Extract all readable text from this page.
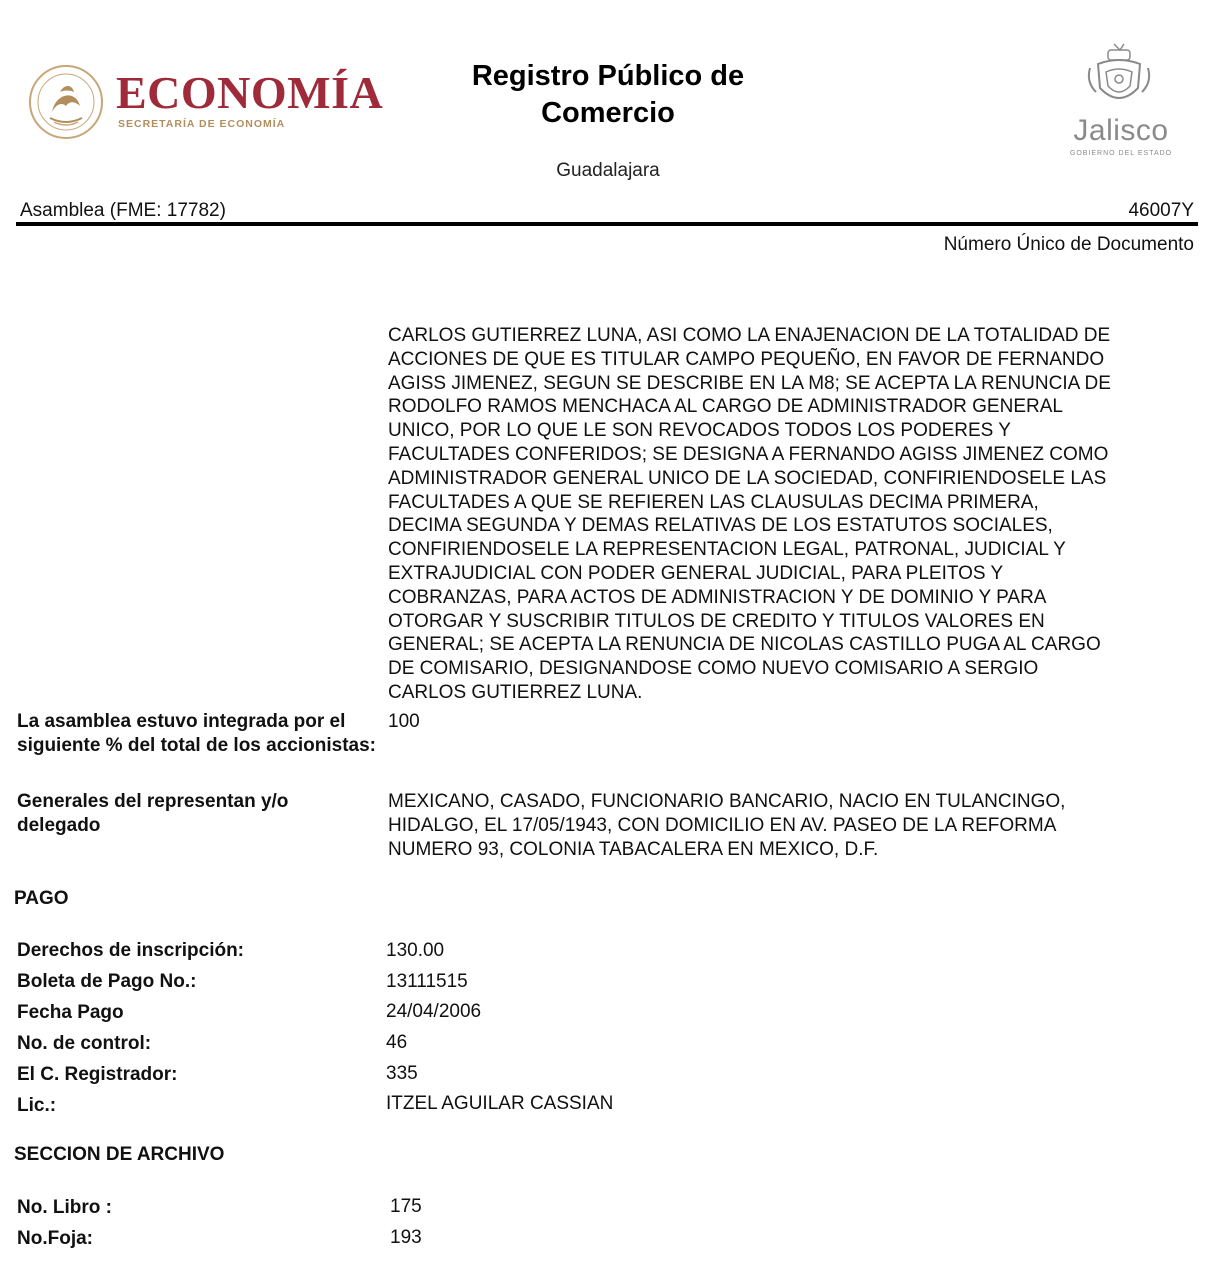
ECONOMÍA
SECRETARÍA DE ECONOMÍA
Registro Público de
Comercio
Guadalajara
Jalisco
GOBIERNO DEL ESTADO
Asamblea (FME: 17782)	46007Y
Número Único de Documento
CARLOS GUTIERREZ LUNA, ASI COMO LA ENAJENACION DE LA TOTALIDAD DE
ACCIONES DE QUE ES TITULAR CAMPO PEQUEÑO, EN FAVOR DE FERNANDO
AGISS JIMENEZ, SEGUN SE DESCRIBE EN LA M8; SE ACEPTA LA RENUNCIA DE
RODOLFO RAMOS MENCHACA AL CARGO DE ADMINISTRADOR GENERAL
UNICO, POR LO QUE LE SON REVOCADOS TODOS LOS PODERES Y
FACULTADES CONFERIDOS; SE DESIGNA A FERNANDO AGISS JIMENEZ COMO
ADMINISTRADOR GENERAL UNICO DE LA SOCIEDAD, CONFIRIENDOSELE LAS
FACULTADES A QUE SE REFIEREN LAS CLAUSULAS DECIMA PRIMERA,
DECIMA SEGUNDA Y DEMAS RELATIVAS DE LOS ESTATUTOS SOCIALES,
CONFIRIENDOSELE LA REPRESENTACION LEGAL, PATRONAL, JUDICIAL Y
EXTRAJUDICIAL CON PODER GENERAL JUDICIAL, PARA PLEITOS Y
COBRANZAS, PARA ACTOS DE ADMINISTRACION Y DE DOMINIO Y PARA
OTORGAR Y SUSCRIBIR TITULOS DE CREDITO Y TITULOS VALORES EN
GENERAL; SE ACEPTA LA RENUNCIA DE NICOLAS CASTILLO PUGA AL CARGO
DE COMISARIO, DESIGNANDOSE COMO NUEVO COMISARIO A SERGIO
CARLOS GUTIERREZ LUNA.
La asamblea estuvo integrada por el siguiente % del total de los accionistas:
100
Generales del representan y/o delegado
MEXICANO, CASADO, FUNCIONARIO BANCARIO, NACIO EN TULANCINGO,
HIDALGO, EL 17/05/1943, CON DOMICILIO EN AV. PASEO DE LA REFORMA
NUMERO 93, COLONIA TABACALERA EN MEXICO, D.F.
PAGO
Derechos de inscripción:	130.00
Boleta de Pago No.:	13111515
Fecha Pago	24/04/2006
No. de control:	46
El C. Registrador:	335
Lic.:	ITZEL AGUILAR CASSIAN
SECCION DE ARCHIVO
No. Libro :	175
No.Foja:	193
